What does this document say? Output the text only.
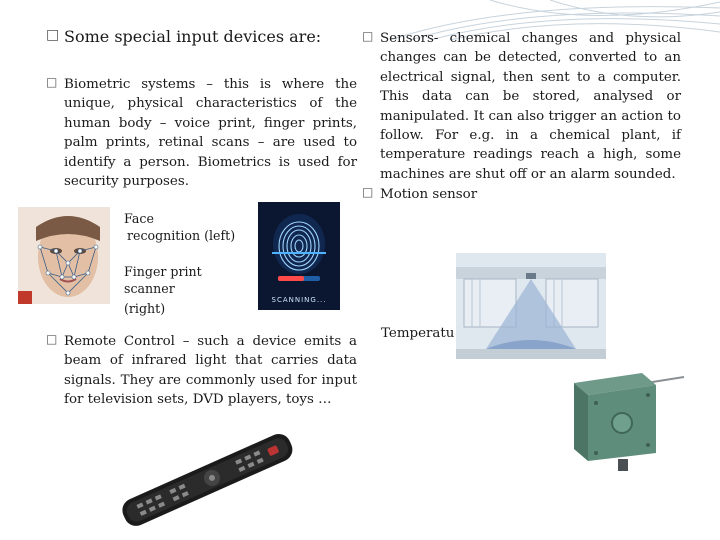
□ Some special input devices are:
□ Biometric systems – this is where the unique, physical characteristics of the human body – voice print, finger prints, palm prints, retinal scans – are used to identify a person. Biometrics is used for security purposes.
Face
recognition (left)
Finger print scanner
(right)
SCANNING...
□ Remote Control – such a device emits a beam of infrared light that carries data signals. They are commonly used for input for television sets, DVD players, toys …
□ Sensors- chemical changes and physical changes can be detected, converted to an electrical signal, then sent to a computer. This data can be stored, analysed or manipulated. It can also trigger an action to follow. For e.g. in a chemical plant, if temperature readings reach a high, some machines are shut off or an alarm sounded.
□ Motion sensor
Temperatu
